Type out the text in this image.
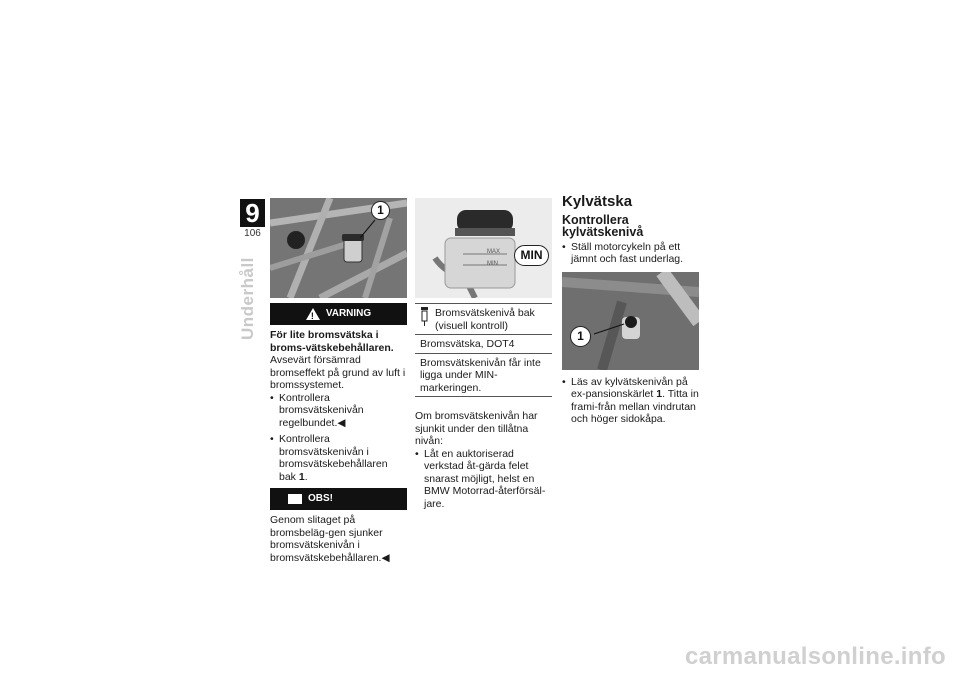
9
106
Underhåll
1
! VARNING

För lite bromsvätska i broms-vätskebehållaren.

Avsevärt försämrad bromseffekt på grund av luft i bromssystemet.

• Kontrollera bromsvätskenivån regelbundet.◀
• Kontrollera bromsvätskenivån i bromsvätskebehållaren bak 1.
OBS!

Genom slitaget på bromsbeläg-gen sjunker bromsvätskenivån i bromsvätskebehållaren.◀

MAX
MIN
MIN
Bromsvätskenivå bak (visuell kontroll)

Bromsvätska, DOT4
Bromsvätskenivån får inte ligga under MIN-markeringen.

Om bromsvätskenivån har sjunkit under den tillåtna nivån:

• Låt en auktoriserad verkstad åt-gärda felet snarast möjligt, helst en BMW Motorrad-återförsäl-jare.
Kylvätska
Kontrollera kylvätskenivå
• Ställ motorcykeln på ett jämnt och fast underlag.
1
• Läs av kylvätskenivån på ex-pansionskärlet 1. Titta in frami-från mellan vindrutan och höger sidokåpa.
carmanualsonline.info
